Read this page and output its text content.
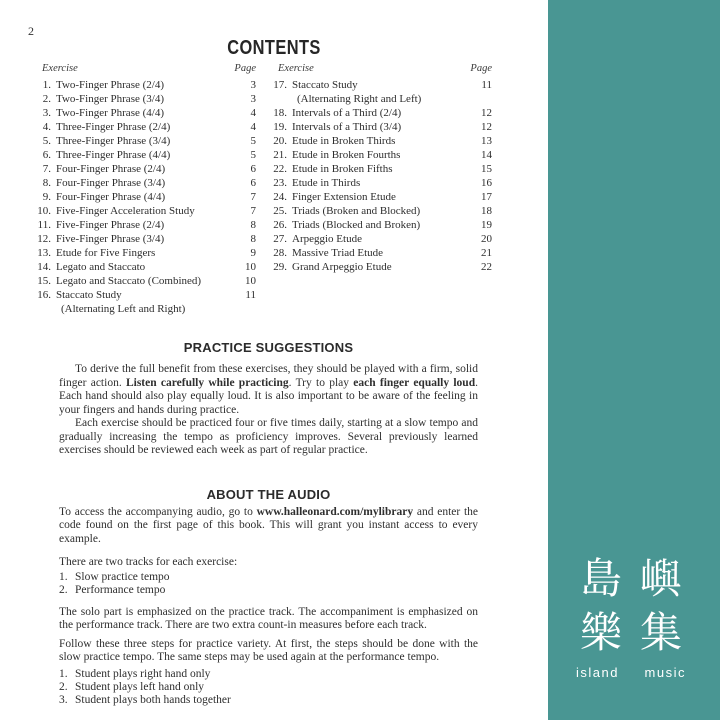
2
CONTENTS
Exercise	Page
1. Two-Finger Phrase (2/4)	3
2. Two-Finger Phrase (3/4)	3
3. Two-Finger Phrase (4/4)	4
4. Three-Finger Phrase (2/4)	4
5. Three-Finger Phrase (3/4)	5
6. Three-Finger Phrase (4/4)	5
7. Four-Finger Phrase (2/4)	6
8. Four-Finger Phrase (3/4)	6
9. Four-Finger Phrase (4/4)	7
10. Five-Finger Acceleration Study	7
11. Five-Finger Phrase (2/4)	8
12. Five-Finger Phrase (3/4)	8
13. Etude for Five Fingers	9
14. Legato and Staccato	10
15. Legato and Staccato (Combined)	10
16. Staccato Study	11
(Alternating Left and Right)
Exercise	Page
17. Staccato Study	11
(Alternating Right and Left)
18. Intervals of a Third (2/4)	12
19. Intervals of a Third (3/4)	12
20. Etude in Broken Thirds	13
21. Etude in Broken Fourths	14
22. Etude in Broken Fifths	15
23. Etude in Thirds	16
24. Finger Extension Etude	17
25. Triads (Broken and Blocked)	18
26. Triads (Blocked and Broken)	19
27. Arpeggio Etude	20
28. Massive Triad Etude	21
29. Grand Arpeggio Etude	22
PRACTICE SUGGESTIONS

To derive the full benefit from these exercises, they should be played with a firm, solid finger action. Listen carefully while practicing. Try to play each finger equally loud. Each hand should also play equally loud. It is also important to be aware of the feeling in your fingers and hands during practice.

Each exercise should be practiced four or five times daily, starting at a slow tempo and gradually increasing the tempo as proficiency improves. Several previously learned exercises should be reviewed each week as part of regular practice.

ABOUT THE AUDIO

To access the accompanying audio, go to www.halleonard.com/mylibrary and enter the code found on the first page of this book. This will grant you instant access to every example.

There are two tracks for each exercise:
1. Slow practice tempo
2. Performance tempo

The solo part is emphasized on the practice track. The accompaniment is emphasized on the performance track. There are two extra count-in measures before each track.

Follow these three steps for practice variety. At first, the steps should be done with the slow practice tempo. The same steps may be used again at the performance tempo.

1. Student plays right hand only
2. Student plays left hand only
3. Student plays both hands together
島 嶼
樂 集
island music
